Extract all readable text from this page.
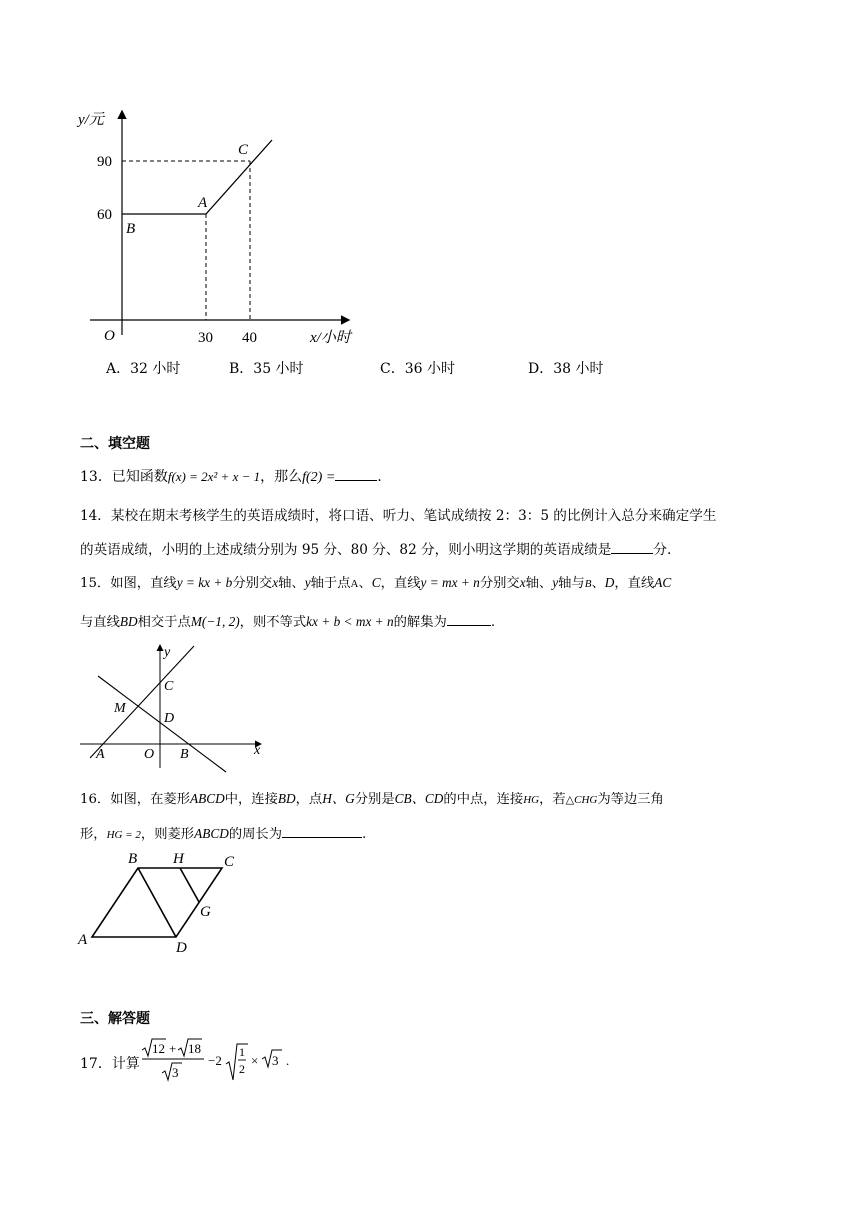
y/元
90
60
C
A
B
O	30 40	x/小时
A．32 小时	B．35 小时	C．36 小时	D．38 小时
二、填空题
13．已知函数f(x) = 2x² + x − 1，那么f(2) =	.
14．某校在期末考核学生的英语成绩时，将口语、听力、笔试成绩按 2：3：5 的比例计入总分来确定学生
的英语成绩，小明的上述成绩分别为 95 分、80 分、82 分，则小明这学期的英语成绩是	分.
15．如图，直线y = kx + b分别交x轴、y轴于点A、C，直线y = mx + n分别交x轴、y轴与B、D，直线AC
与直线BD相交于点M(−1, 2)，则不等式kx + b < mx + n的解集为	.
y
C
M
D
A	O B	x
16．如图，在菱形ABCD中，连接BD，点H、G分别是CB、CD的中点，连接HG，若△CHG为等边三角
形，HG = 2，则菱形ABCD的周长为	.
B H	C
G
A	D
三、解答题
17．计算
12 + 18
3
−2
1
2
× 3 .
